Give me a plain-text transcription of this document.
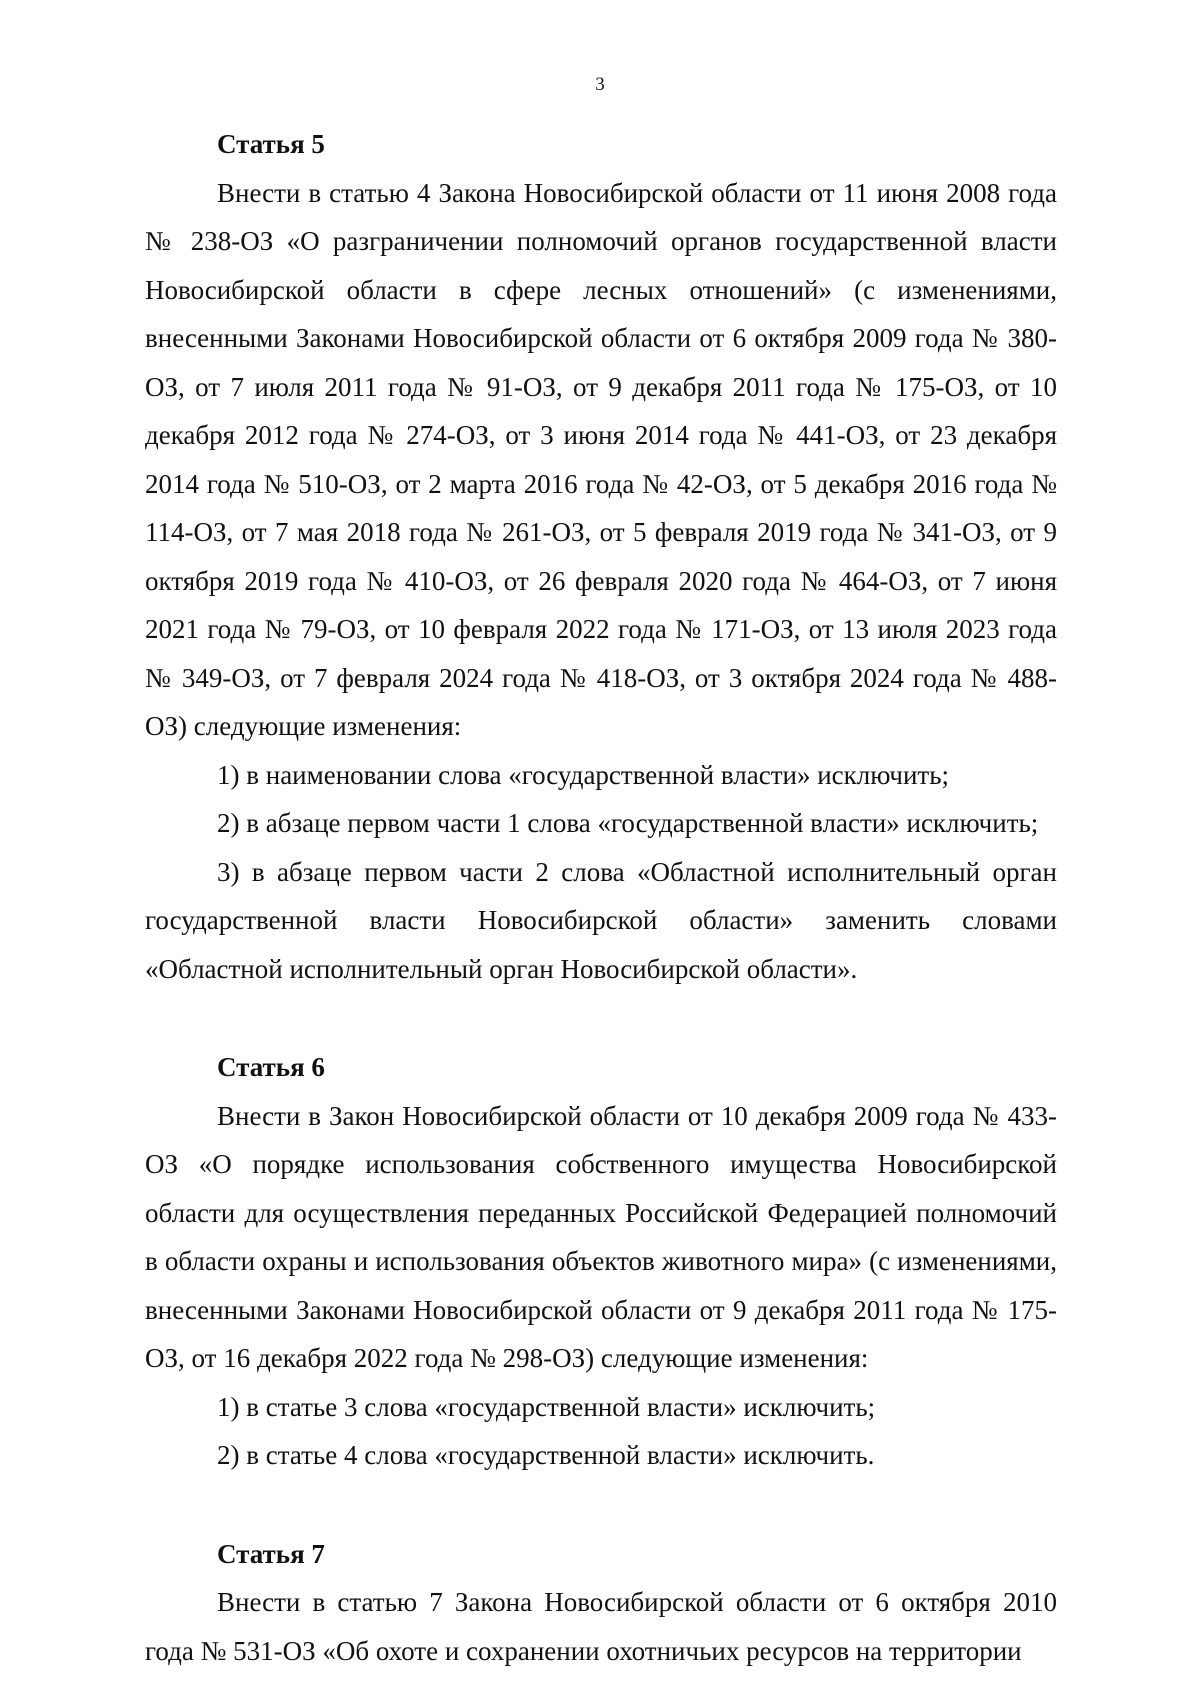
3

Статья 5

Внести в статью 4 Закона Новосибирской области от 11 июня 2008 года № 238-ОЗ «О разграничении полномочий органов государственной власти Новосибирской области в сфере лесных отношений» (с изменениями, внесенными Законами Новосибирской области от 6 октября 2009 года № 380-ОЗ, от 7 июля 2011 года № 91-ОЗ, от 9 декабря 2011 года № 175-ОЗ, от 10 декабря 2012 года № 274-ОЗ, от 3 июня 2014 года № 441-ОЗ, от 23 декабря 2014 года № 510-ОЗ, от 2 марта 2016 года № 42-ОЗ, от 5 декабря 2016 года № 114-ОЗ, от 7 мая 2018 года № 261-ОЗ, от 5 февраля 2019 года № 341-ОЗ, от 9 октября 2019 года № 410-ОЗ, от 26 февраля 2020 года № 464-ОЗ, от 7 июня 2021 года № 79-ОЗ, от 10 февраля 2022 года № 171-ОЗ, от 13 июля 2023 года № 349-ОЗ, от 7 февраля 2024 года № 418-ОЗ, от 3 октября 2024 года № 488-ОЗ) следующие изменения:

1) в наименовании слова «государственной власти» исключить;

2) в абзаце первом части 1 слова «государственной власти» исключить;

3) в абзаце первом части 2 слова «Областной исполнительный орган государственной власти Новосибирской области» заменить словами «Областной исполнительный орган Новосибирской области».

Статья 6

Внести в Закон Новосибирской области от 10 декабря 2009 года № 433-ОЗ «О порядке использования собственного имущества Новосибирской области для осуществления переданных Российской Федерацией полномочий в области охраны и использования объектов животного мира» (с изменениями, внесенными Законами Новосибирской области от 9 декабря 2011 года № 175-ОЗ, от 16 декабря 2022 года № 298-ОЗ) следующие изменения:

1) в статье 3 слова «государственной власти» исключить;

2) в статье 4 слова «государственной власти» исключить.

Статья 7

Внести в статью 7 Закона Новосибирской области от 6 октября 2010 года № 531-ОЗ «Об охоте и сохранении охотничьих ресурсов на территории
